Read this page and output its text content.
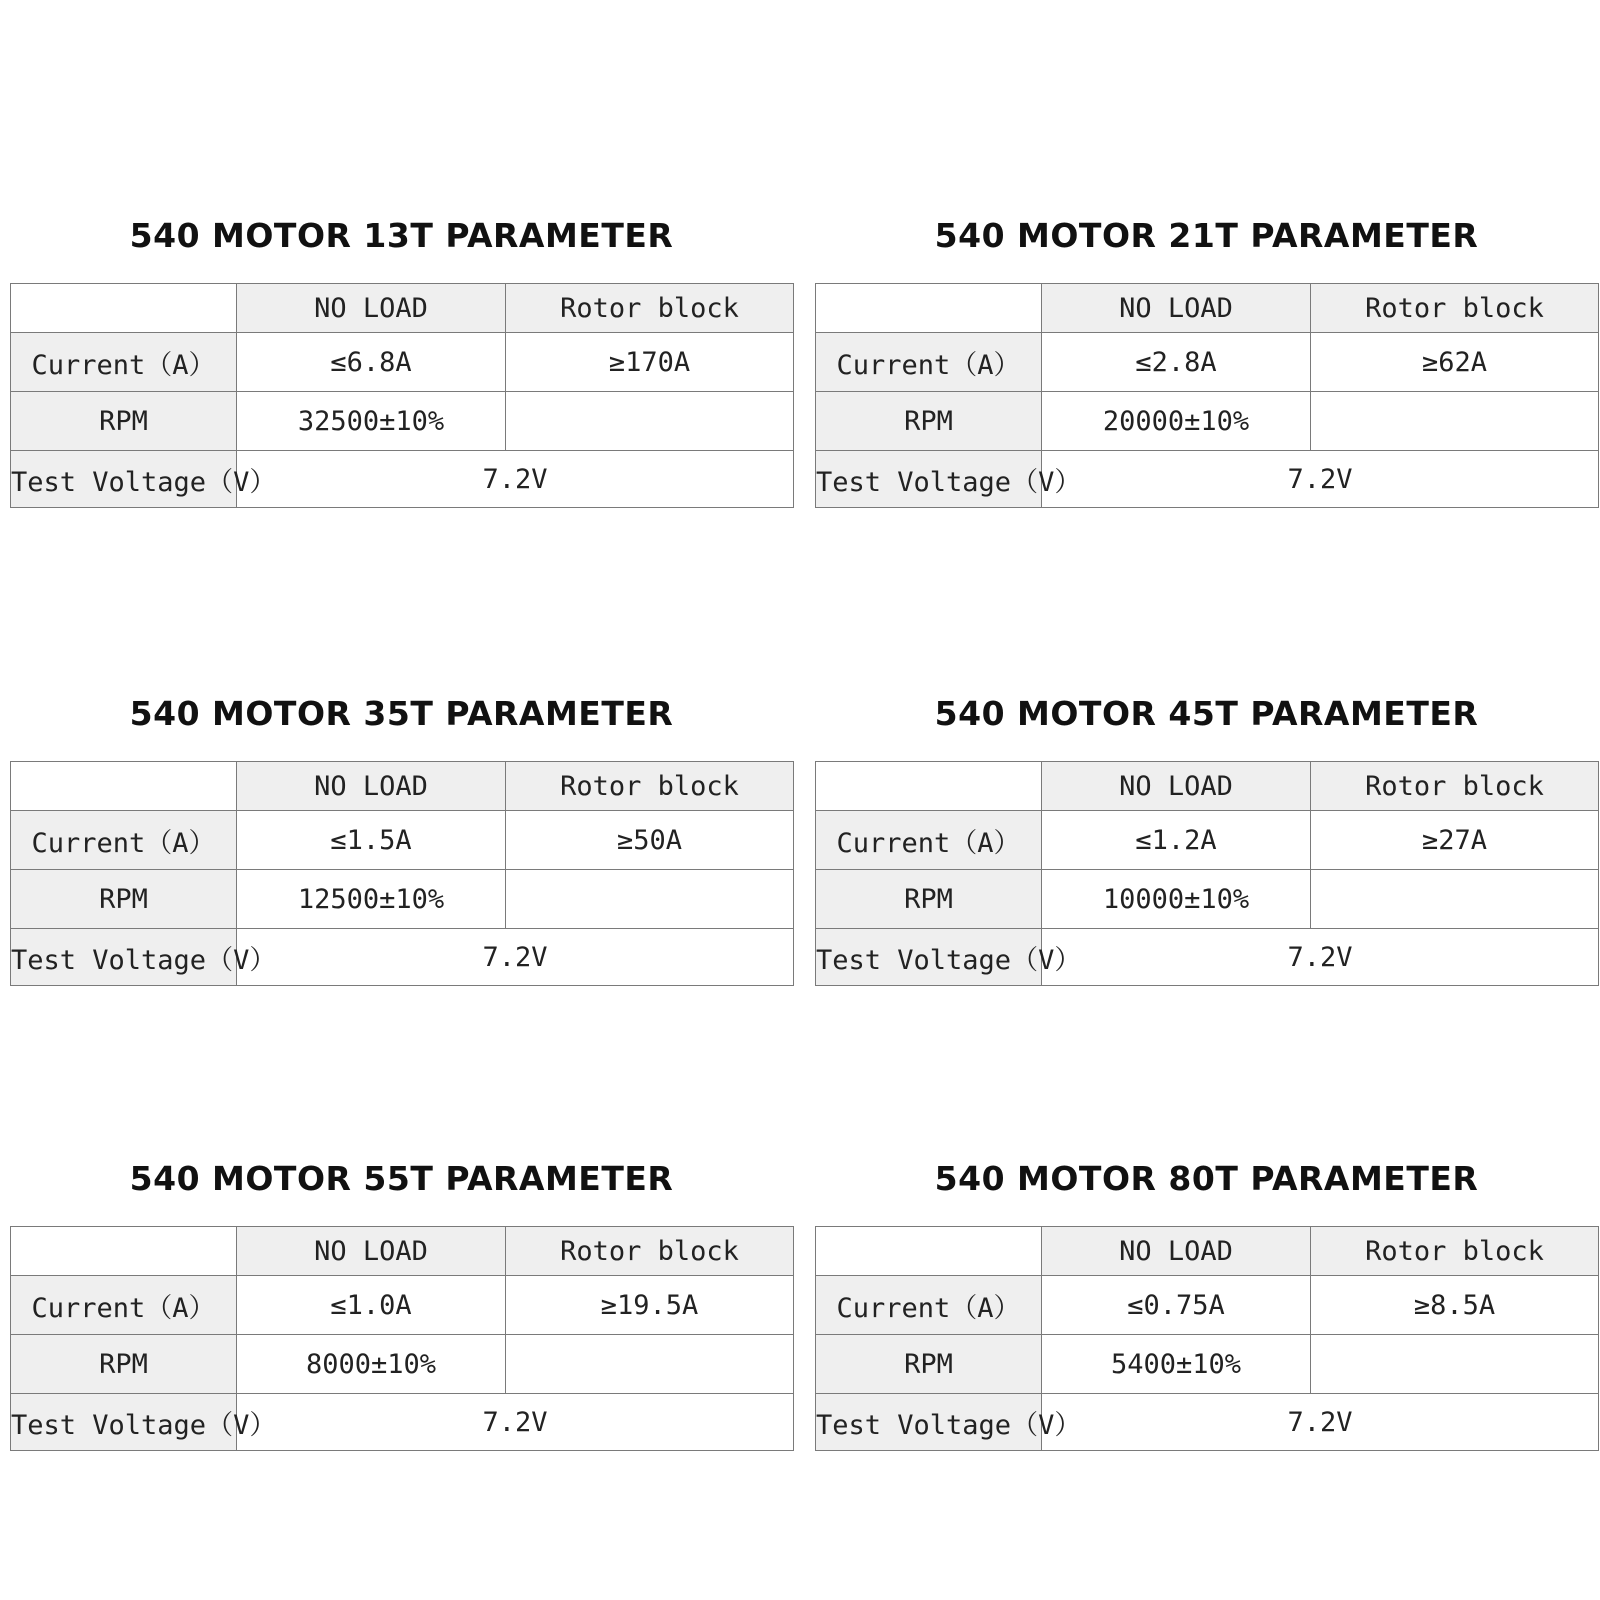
540 MOTOR 13T PARAMETER
	NO LOAD	Rotor block
Current（A）	≤6.8A	≥170A
RPM	32500±10%	
Test Voltage（V）	7.2V	
540 MOTOR 21T PARAMETER
	NO LOAD	Rotor block
Current（A）	≤2.8A	≥62A
RPM	20000±10%	
Test Voltage（V）	7.2V	
540 MOTOR 35T PARAMETER
	NO LOAD	Rotor block
Current（A）	≤1.5A	≥50A
RPM	12500±10%	
Test Voltage（V）	7.2V	
540 MOTOR 45T PARAMETER
	NO LOAD	Rotor block
Current（A）	≤1.2A	≥27A
RPM	10000±10%	
Test Voltage（V）	7.2V	
540 MOTOR 55T PARAMETER
	NO LOAD	Rotor block
Current（A）	≤1.0A	≥19.5A
RPM	8000±10%	
Test Voltage（V）	7.2V	
540 MOTOR 80T PARAMETER
	NO LOAD	Rotor block
Current（A）	≤0.75A	≥8.5A
RPM	5400±10%	
Test Voltage（V）	7.2V	
